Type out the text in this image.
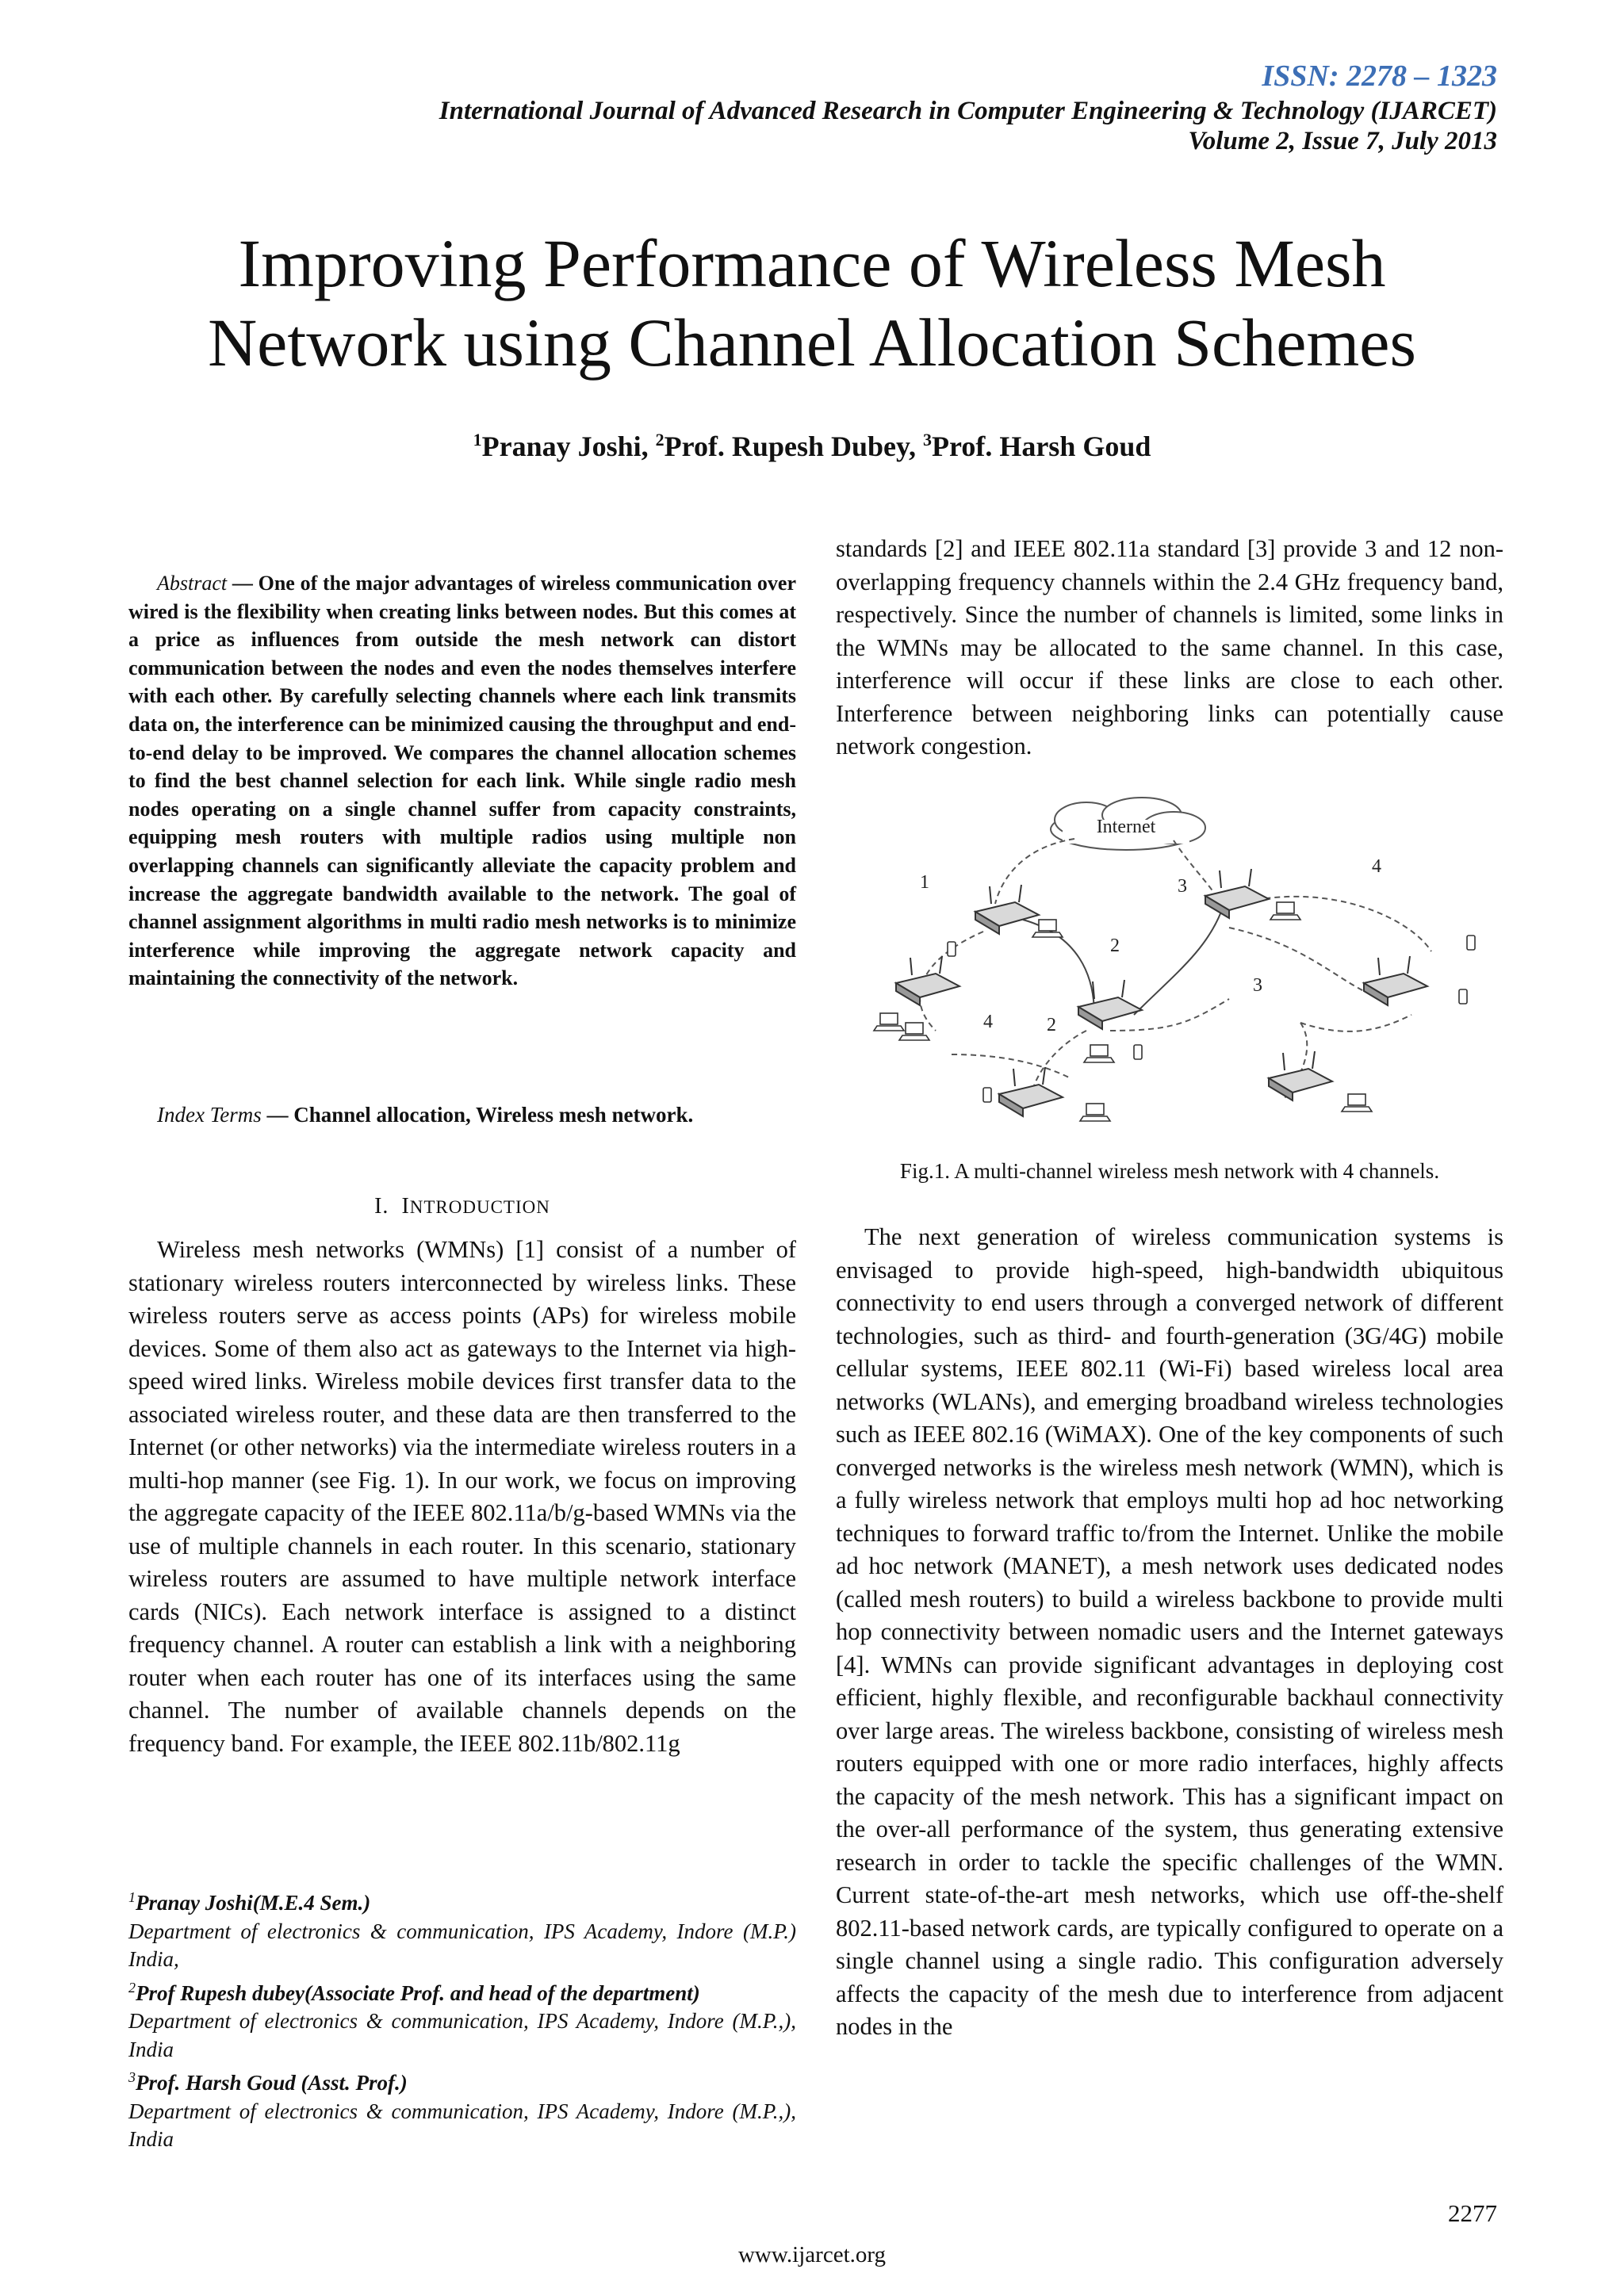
ISSN: 2278 – 1323
International Journal of Advanced Research in Computer Engineering & Technology (IJARCET)
Volume 2, Issue 7, July 2013
Improving Performance of Wireless Mesh
Network using Channel Allocation Schemes
$^1$Pranay Joshi, $^2$Prof. Rupesh Dubey, $^3$Prof. Harsh Goud
Abstract — One of the major advantages of wireless communication over wired is the flexibility when creating links between nodes. But this comes at a price as influences from outside the mesh network can distort communication between the nodes and even the nodes themselves interfere with each other. By carefully selecting channels where each link transmits data on, the interference can be minimized causing the throughput and end-to-end delay to be improved. We compares the channel allocation schemes to find the best channel selection for each link. While single radio mesh nodes operating on a single channel suffer from capacity constraints, equipping mesh routers with multiple radios using multiple non overlapping channels can significantly alleviate the capacity problem and increase the aggregate bandwidth available to the network. The goal of channel assignment algorithms in multi radio mesh networks is to minimize interference while improving the aggregate network capacity and maintaining the connectivity of the network.
Index Terms — Channel allocation, Wireless mesh network.
I. INTRODUCTION
Wireless mesh networks (WMNs) [1] consist of a number of stationary wireless routers interconnected by wireless links. These wireless routers serve as access points (APs) for wireless mobile devices. Some of them also act as gateways to the Internet via high-speed wired links. Wireless mobile devices first transfer data to the associated wireless router, and these data are then transferred to the Internet (or other networks) via the intermediate wireless routers in a multi-hop manner (see Fig. 1). In our work, we focus on improving the aggregate capacity of the IEEE 802.11a/b/g-based WMNs via the use of multiple channels in each router. In this scenario, stationary wireless routers are assumed to have multiple network interface cards (NICs). Each network interface is assigned to a distinct frequency channel. A router can establish a link with a neighboring router when each router has one of its interfaces using the same channel. The number of available channels depends on the frequency band. For example, the IEEE 802.11b/802.11g
standards [2] and IEEE 802.11a standard [3] provide 3 and 12 non-overlapping frequency channels within the 2.4 GHz frequency band, respectively. Since the number of channels is limited, some links in the WMNs may be allocated to the same channel. In this case, interference will occur if these links are close to each other. Interference between neighboring links can potentially cause network congestion.
Internet
1
2
3
4
2
4
3
Fig.1. A multi-channel wireless mesh network with 4 channels.
The next generation of wireless communication systems is envisaged to provide high-speed, high-bandwidth ubiquitous connectivity to end users through a converged network of different technologies, such as third- and fourth-generation (3G/4G) mobile cellular systems, IEEE 802.11 (Wi-Fi) based wireless local area networks (WLANs), and emerging broadband wireless technologies such as IEEE 802.16 (WiMAX). One of the key components of such converged networks is the wireless mesh network (WMN), which is a fully wireless network that employs multi hop ad hoc networking techniques to forward traffic to/from the Internet. Unlike the mobile ad hoc network (MANET), a mesh network uses dedicated nodes (called mesh routers) to build a wireless backbone to provide multi hop connectivity between nomadic users and the Internet gateways [4]. WMNs can provide significant advantages in deploying cost efficient, highly flexible, and reconfigurable backhaul connectivity over large areas. The wireless backbone, consisting of wireless mesh routers equipped with one or more radio interfaces, highly affects the capacity of the mesh network. This has a significant impact on the over-all performance of the system, thus generating extensive research in order to tackle the specific challenges of the WMN. Current state-of-the-art mesh networks, which use off-the-shelf 802.11-based network cards, are typically configured to operate on a single channel using a single radio. This configuration adversely affects the capacity of the mesh due to interference from adjacent nodes in the
$^1$Pranay Joshi(M.E.4 Sem.)
Department of electronics & communication, IPS Academy, Indore (M.P.) India,
$^2$Prof Rupesh dubey(Associate Prof. and head of the department)
Department of electronics & communication, IPS Academy, Indore (M.P.,), India
$^3$Prof. Harsh Goud (Asst. Prof.)
Department of electronics & communication, IPS Academy, Indore (M.P.,), India
2277
www.ijarcet.org
